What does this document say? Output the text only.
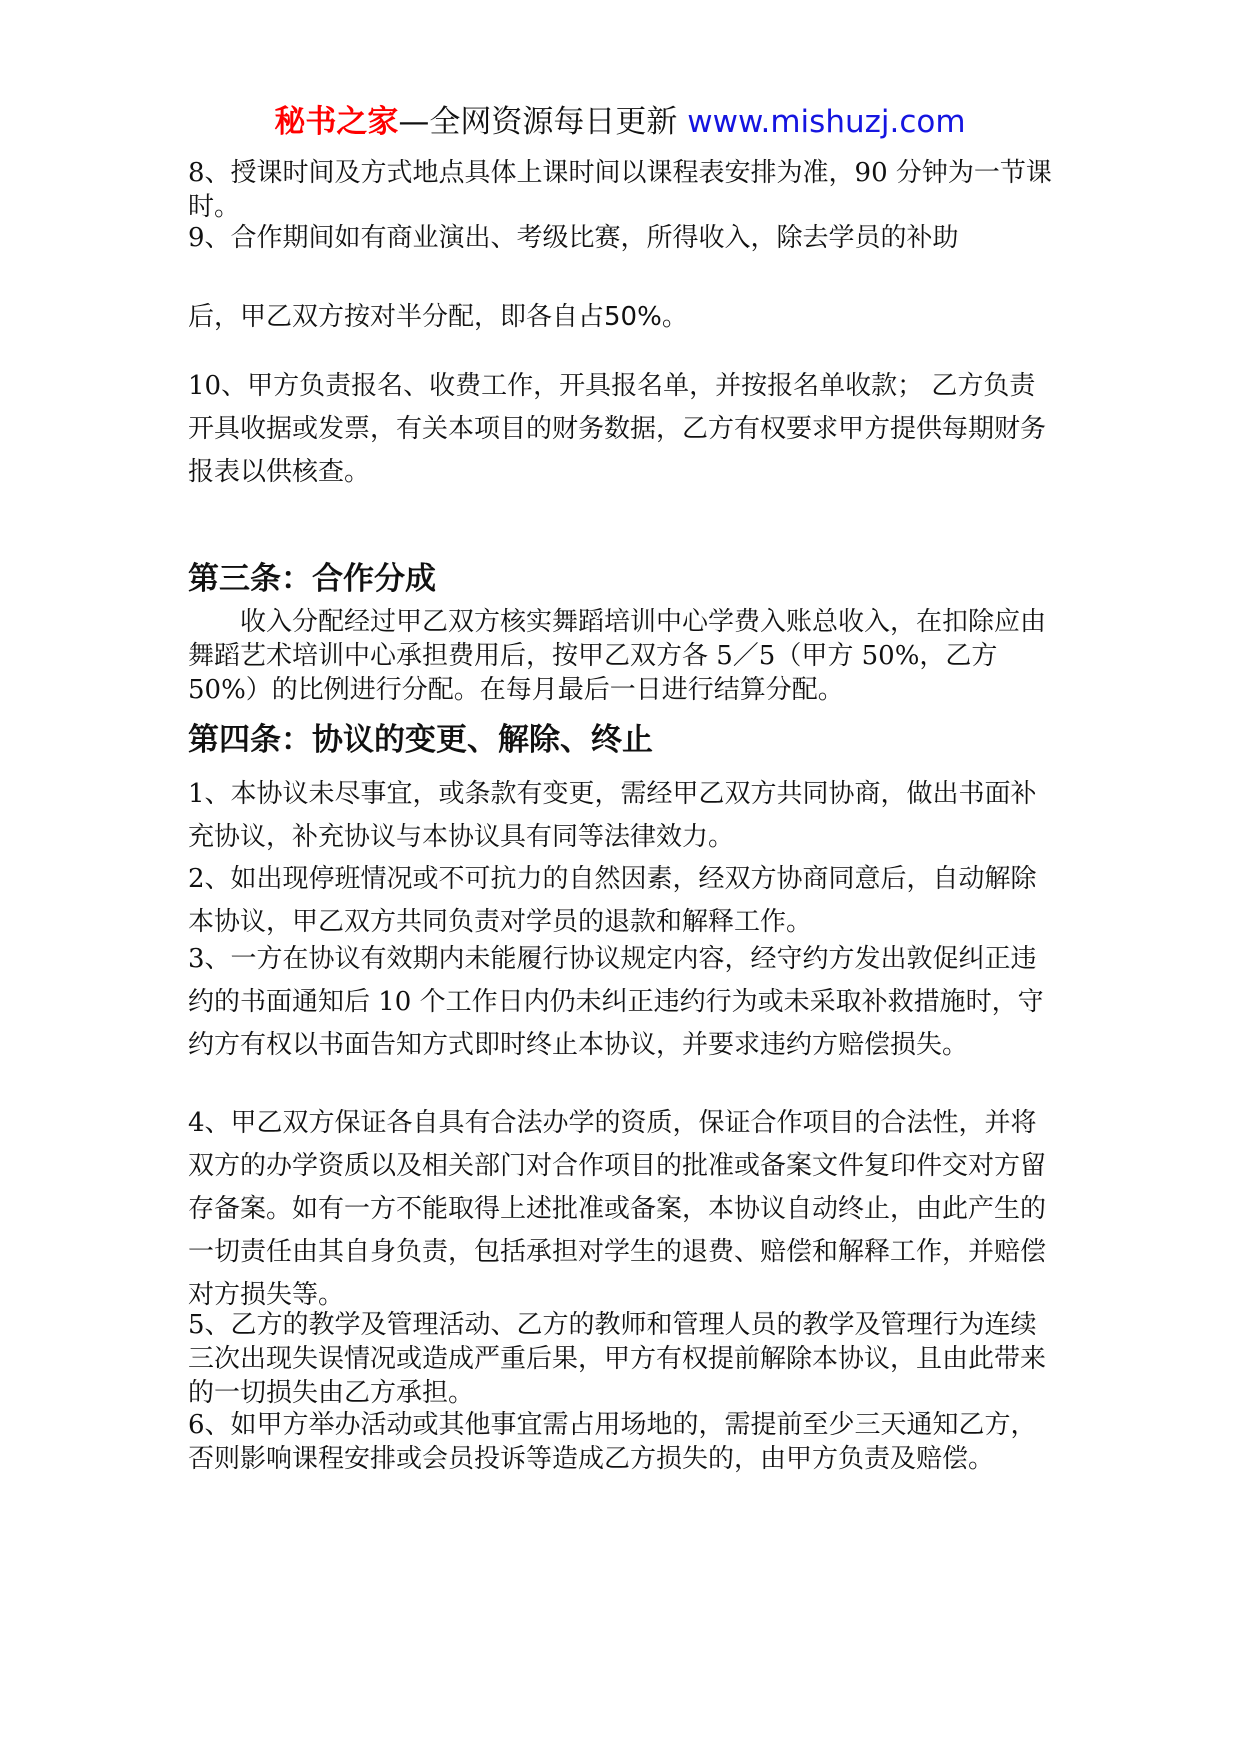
秘书之家—全网资源每日更新 www.mishuzj.com

8、授课时间及方式地点具体上课时间以课程表安排为准，90 分钟为一节课时。

9、合作期间如有商业演出、考级比赛，所得收入，除去学员的补助

后，甲乙双方按对半分配，即各自占50%。

10、甲方负责报名、收费工作，开具报名单，并按报名单收款； 乙方负责开具收据或发票，有关本项目的财务数据，乙方有权要求甲方提供每期财务报表以供核查。

第三条：合作分成

收入分配经过甲乙双方核实舞蹈培训中心学费入账总收入，在扣除应由舞蹈艺术培训中心承担费用后，按甲乙双方各 5／5（甲方 50%，乙方 50%）的比例进行分配。在每月最后一日进行结算分配。

第四条：协议的变更、解除、终止

1、本协议未尽事宜，或条款有变更，需经甲乙双方共同协商，做出书面补充协议，补充协议与本协议具有同等法律效力。

2、如出现停班情况或不可抗力的自然因素，经双方协商同意后，自动解除本协议，甲乙双方共同负责对学员的退款和解释工作。

3、一方在协议有效期内未能履行协议规定内容，经守约方发出敦促纠正违约的书面通知后 10 个工作日内仍未纠正违约行为或未采取补救措施时，守约方有权以书面告知方式即时终止本协议，并要求违约方赔偿损失。

4、甲乙双方保证各自具有合法办学的资质，保证合作项目的合法性，并将双方的办学资质以及相关部门对合作项目的批准或备案文件复印件交对方留存备案。如有一方不能取得上述批准或备案，本协议自动终止，由此产生的一切责任由其自身负责，包括承担对学生的退费、赔偿和解释工作，并赔偿对方损失等。

5、乙方的教学及管理活动、乙方的教师和管理人员的教学及管理行为连续三次出现失误情况或造成严重后果，甲方有权提前解除本协议，且由此带来的一切损失由乙方承担。

6、如甲方举办活动或其他事宜需占用场地的，需提前至少三天通知乙方，否则影响课程安排或会员投诉等造成乙方损失的，由甲方负责及赔偿。
